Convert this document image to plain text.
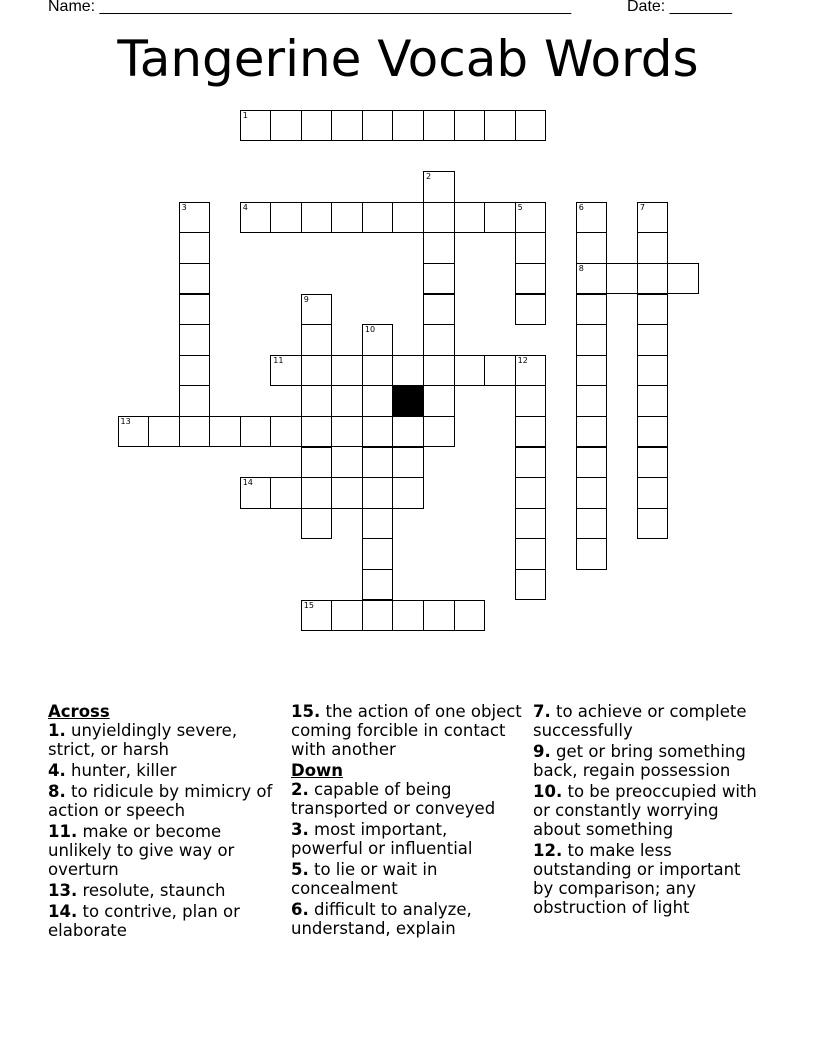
Name: _____________________________________________________	Date: _______
Tangerine Vocab Words
1
2
3	4	5	6
8
7
9
10
11	12
13
14
15

Across

1. unyieldingly severe, strict, or harsh

4. hunter, killer

8. to ridicule by mimicry of action or speech

11. make or become unlikely to give way or overturn

13. resolute, staunch

14. to contrive, plan or elaborate

15. the action of one object coming forcible in contact with another

Down

2. capable of being transported or conveyed

3. most important, powerful or influential

5. to lie or wait in concealment

6. difficult to analyze, understand, explain

7. to achieve or complete successfully

9. get or bring something back, regain possession

10. to be preoccupied with or constantly worrying about something

12. to make less outstanding or important by comparison; any obstruction of light
